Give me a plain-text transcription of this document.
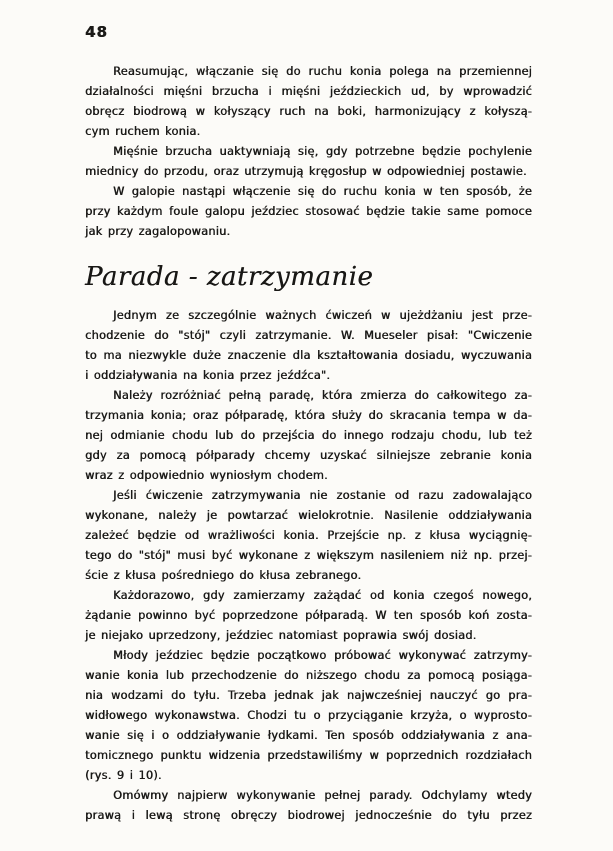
48
Reasumując, włączanie się do ruchu konia polega na przemiennej
działalności mięśni brzucha i mięśni jeździeckich ud, by wprowadzić
obręcz biodrową w kołyszący ruch na boki, harmonizujący z kołyszą-
cym ruchem konia.
Mięśnie brzucha uaktywniają się, gdy potrzebne będzie pochylenie
miednicy do przodu, oraz utrzymują kręgosłup w odpowiedniej postawie.
W galopie nastąpi włączenie się do ruchu konia w ten sposób, że
przy każdym foule galopu jeździec stosować będzie takie same pomoce
jak przy zagalopowaniu.
Parada - zatrzymanie
Jednym ze szczególnie ważnych ćwiczeń w ujeżdżaniu jest prze-
chodzenie do "stój" czyli zatrzymanie. W. Mueseler pisał: "Cwiczenie
to ma niezwykle duże znaczenie dla kształtowania dosiadu, wyczuwania
i oddziaływania na konia przez jeźdźca".
Należy rozróżniać pełną paradę, która zmierza do całkowitego za-
trzymania konia; oraz półparadę, która służy do skracania tempa w da-
nej odmianie chodu lub do przejścia do innego rodzaju chodu, lub też
gdy za pomocą półparady chcemy uzyskać silniejsze zebranie konia
wraz z odpowiednio wyniosłym chodem.
Jeśli ćwiczenie zatrzymywania nie zostanie od razu zadowalająco
wykonane, należy je powtarzać wielokrotnie. Nasilenie oddziaływania
zależeć będzie od wrażliwości konia. Przejście np. z kłusa wyciągnię-
tego do "stój" musi być wykonane z większym nasileniem niż np. przej-
ście z kłusa pośredniego do kłusa zebranego.
Każdorazowo, gdy zamierzamy zażądać od konia czegoś nowego,
żądanie powinno być poprzedzone półparadą. W ten sposób koń zosta-
je niejako uprzedzony, jeździec natomiast poprawia swój dosiad.
Młody jeździec będzie początkowo próbować wykonywać zatrzymy-
wanie konia lub przechodzenie do niższego chodu za pomocą posiąga-
nia wodzami do tyłu. Trzeba jednak jak najwcześniej nauczyć go pra-
widłowego wykonawstwa. Chodzi tu o przyciąganie krzyża, o wyprosto-
wanie się i o oddziaływanie łydkami. Ten sposób oddziaływania z ana-
tomicznego punktu widzenia przedstawiliśmy w poprzednich rozdziałach
(rys. 9 i 10).
Omówmy najpierw wykonywanie pełnej parady. Odchylamy wtedy
prawą i lewą stronę obręczy biodrowej jednocześnie do tyłu przez
